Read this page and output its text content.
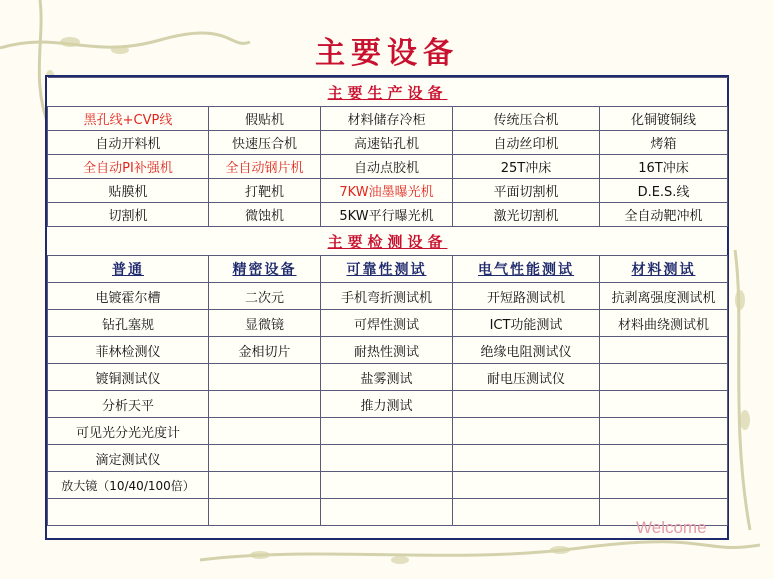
主要设备
主要生产设备				
黑孔线+CVP线	假贴机	材料储存冷柜	传统压合机	化铜镀铜线
自动开料机	快速压合机	高速钻孔机	自动丝印机	烤箱
全自动PI补强机	全自动钢片机	自动点胶机	25T冲床	16T冲床
贴膜机	打靶机	7KW油墨曝光机	平面切割机	D.E.S.线
切割机	微蚀机	5KW平行曝光机	激光切割机	全自动靶冲机
主要检测设备				
普通	精密设备	可靠性测试	电气性能测试	材料测试
电镀霍尔槽	二次元	手机弯折测试机	开短路测试机	抗剥离强度测试机
钻孔塞规	显微镜	可焊性测试	ICT功能测试	材料曲绕测试机
菲林检测仪	金相切片	耐热性测试	绝缘电阻测试仪	
镀铜测试仪		盐雾测试	耐电压测试仪	
分析天平		推力测试		
可见光分光光度计				
滴定测试仪				
放大镜（10/40/100倍）				

Welcome
